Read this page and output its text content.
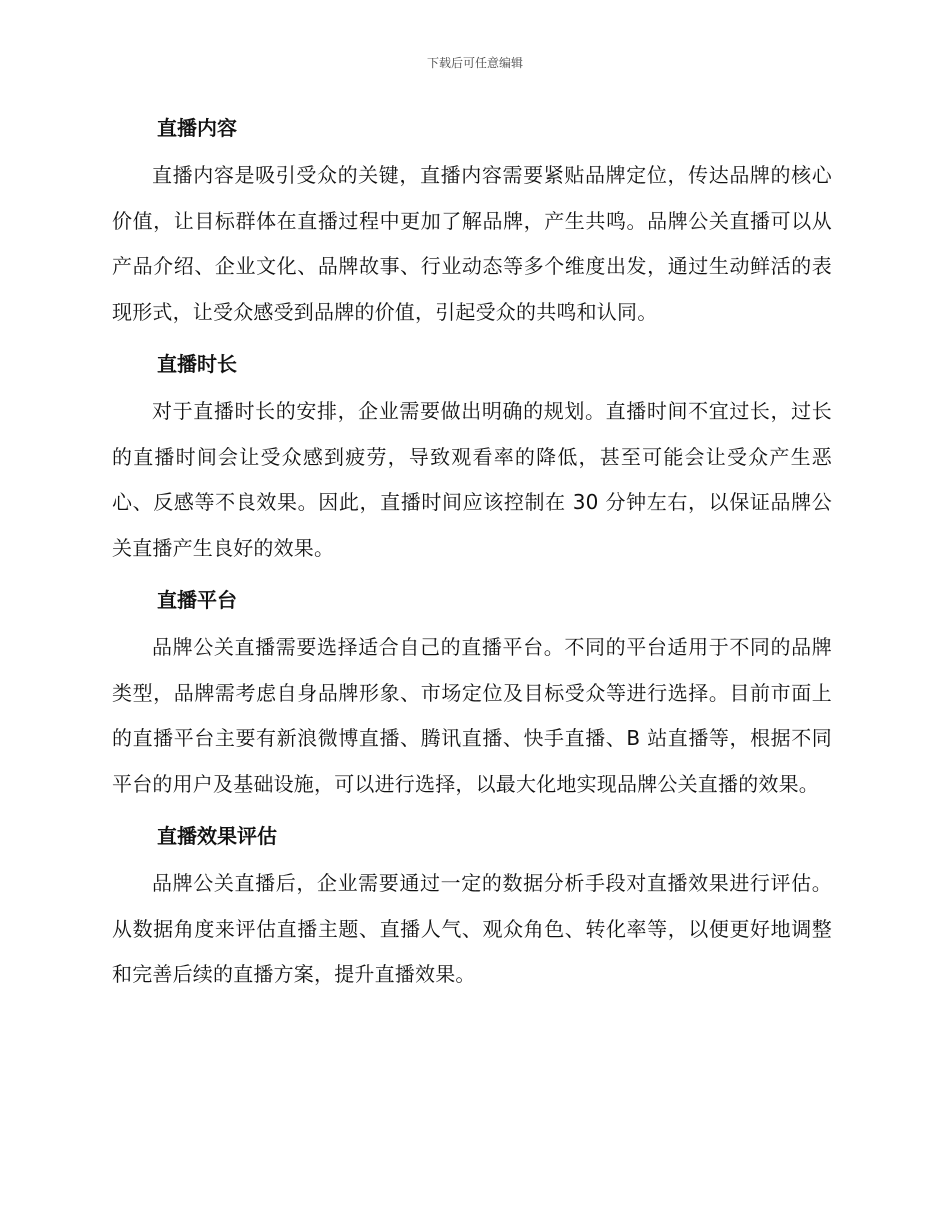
下载后可任意编辑
直播内容

直播内容是吸引受众的关键，直播内容需要紧贴品牌定位，传达品牌的核心价值，让目标群体在直播过程中更加了解品牌，产生共鸣。品牌公关直播可以从产品介绍、企业文化、品牌故事、行业动态等多个维度出发，通过生动鲜活的表现形式，让受众感受到品牌的价值，引起受众的共鸣和认同。

直播时长

对于直播时长的安排，企业需要做出明确的规划。直播时间不宜过长，过长的直播时间会让受众感到疲劳，导致观看率的降低，甚至可能会让受众产生恶心、反感等不良效果。因此，直播时间应该控制在 30 分钟左右，以保证品牌公关直播产生良好的效果。

直播平台

品牌公关直播需要选择适合自己的直播平台。不同的平台适用于不同的品牌类型，品牌需考虑自身品牌形象、市场定位及目标受众等进行选择。目前市面上的直播平台主要有新浪微博直播、腾讯直播、快手直播、B 站直播等，根据不同平台的用户及基础设施，可以进行选择，以最大化地实现品牌公关直播的效果。

直播效果评估

品牌公关直播后，企业需要通过一定的数据分析手段对直播效果进行评估。从数据角度来评估直播主题、直播人气、观众角色、转化率等，以便更好地调整和完善后续的直播方案，提升直播效果。
